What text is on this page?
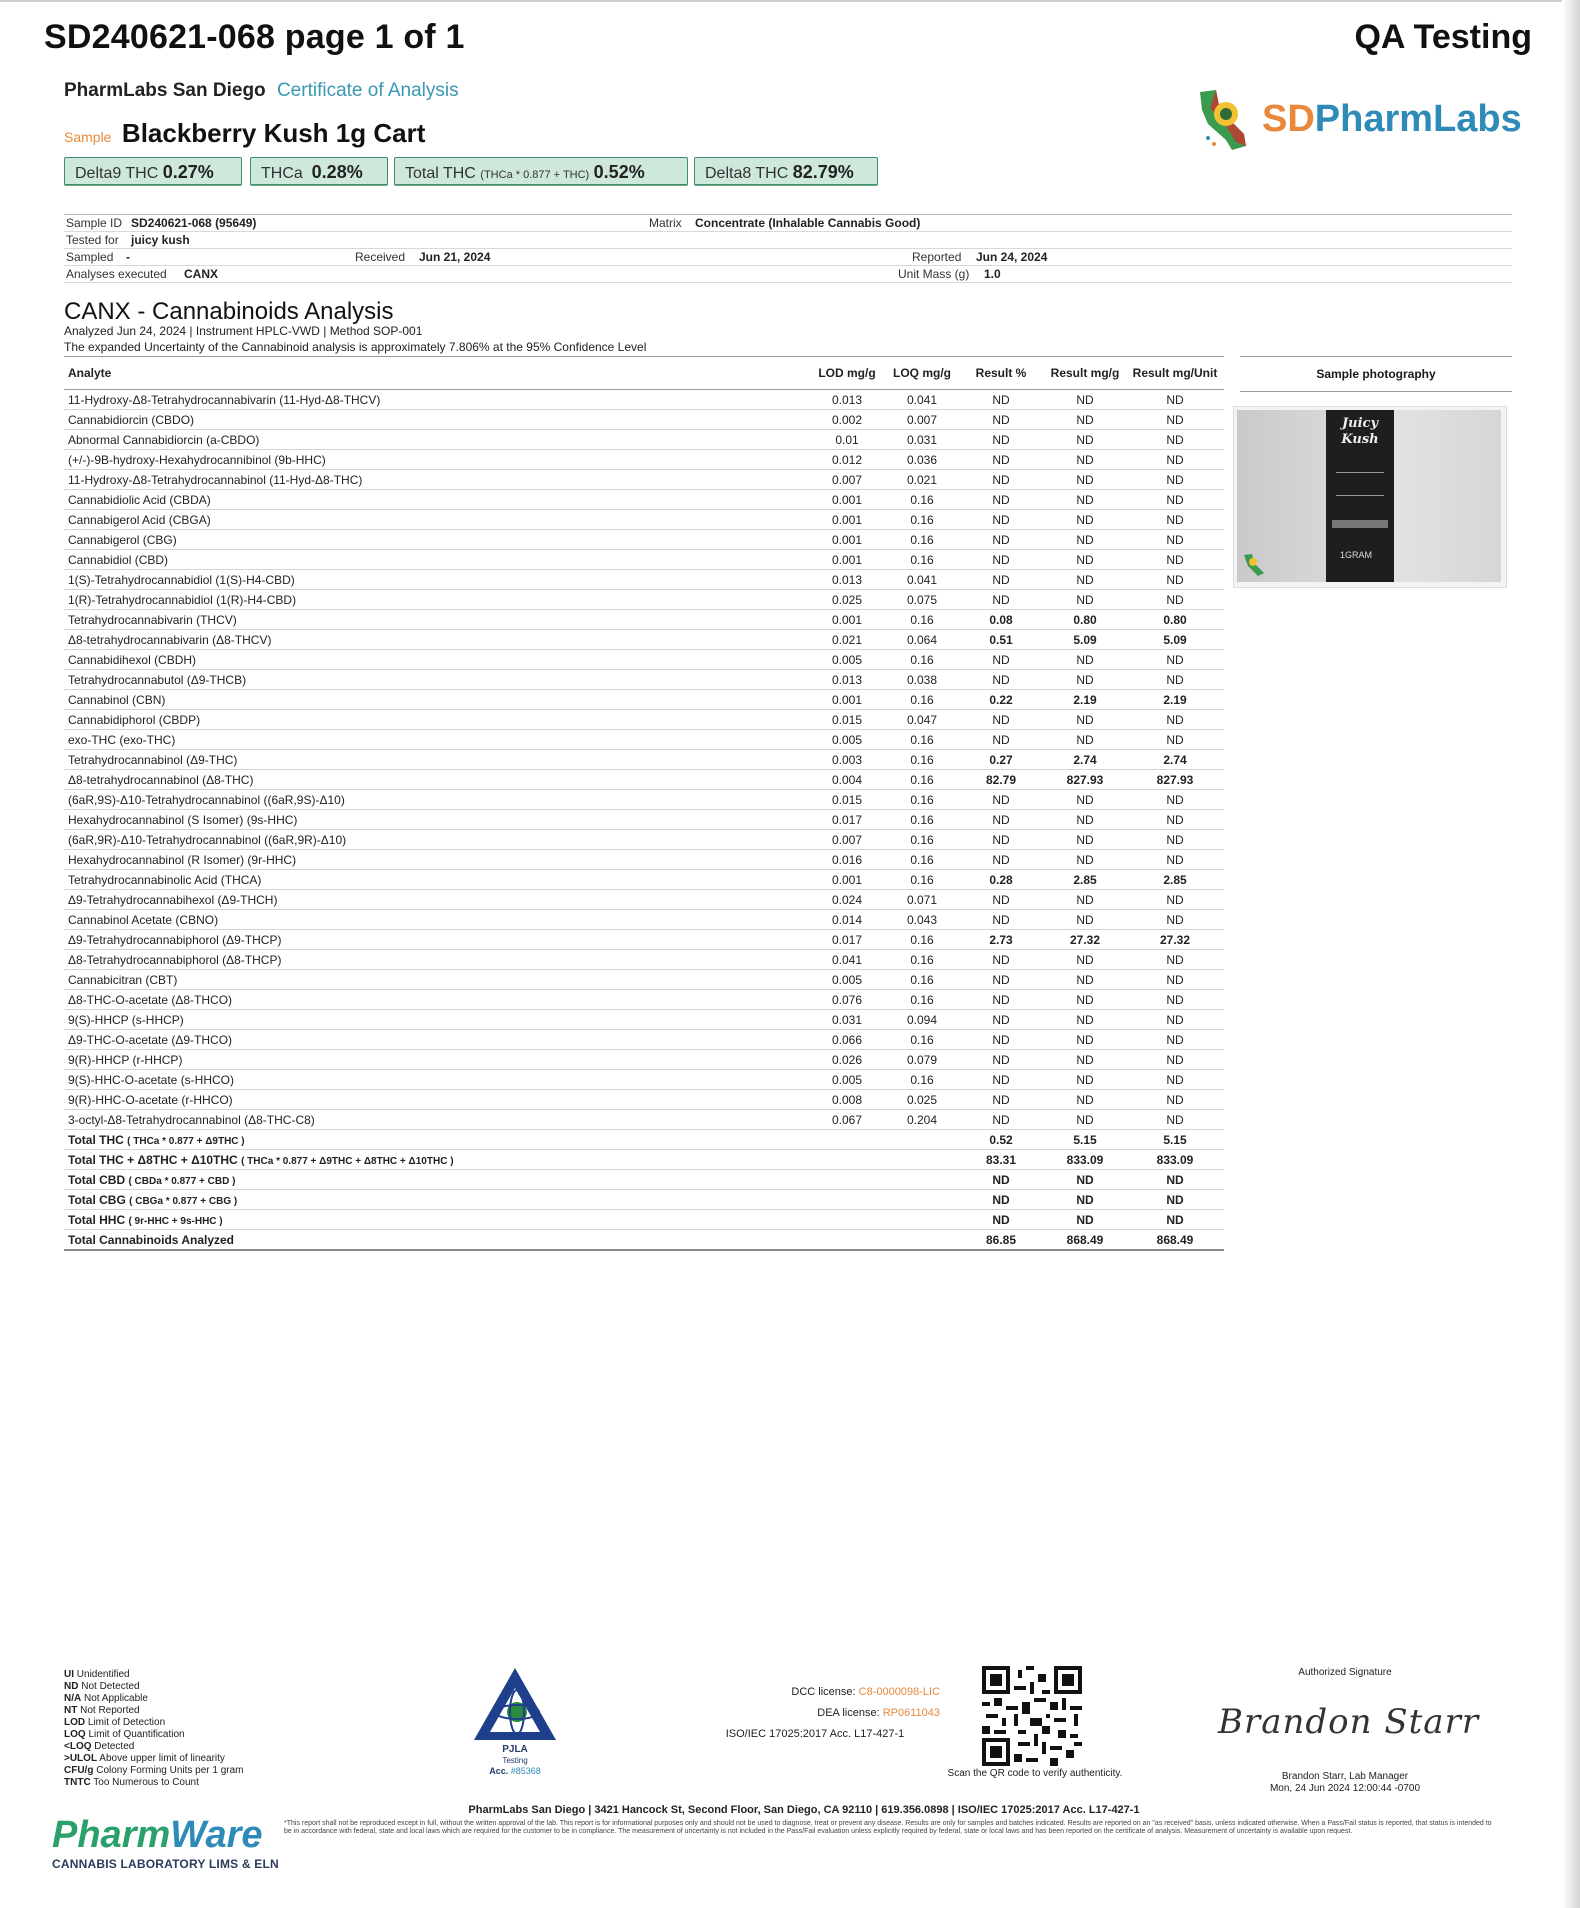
SD240621-068 page 1 of 1	QA Testing
PharmLabs San Diego Certificate of Analysis
Sample Blackberry Kush 1g Cart	SDPharmLabs
Delta9 THC 0.27%	THCa 0.28%	Total THC (THCa * 0.877 + THC) 0.52%	Delta8 THC 82.79%
Sample ID SD240621-068 (95649)	Matrix Concentrate (Inhalable Cannabis Good)
Tested for juicy kush
Sampled -	Received Jun 21, 2024	Reported Jun 24, 2024
Analyses executed CANX	Unit Mass (g) 1.0
CANX - Cannabinoids Analysis
Analyzed Jun 24, 2024 | Instrument HPLC-VWD | Method SOP-001
The expanded Uncertainty of the Cannabinoid analysis is approximately 7.806% at the 95% Confidence Level
Analyte	LOD mg/g	LOQ mg/g	Result %	Result mg/g	Result mg/Unit
11-Hydroxy-Δ8-Tetrahydrocannabivarin (11-Hyd-Δ8-THCV)	0.013	0.041	ND	ND	ND
Cannabidiorcin (CBDO)	0.002	0.007	ND	ND	ND
Abnormal Cannabidiorcin (a-CBDO)	0.01	0.031	ND	ND	ND
(+/-)-9B-hydroxy-Hexahydrocannibinol (9b-HHC)	0.012	0.036	ND	ND	ND
11-Hydroxy-Δ8-Tetrahydrocannabinol (11-Hyd-Δ8-THC)	0.007	0.021	ND	ND	ND
Cannabidiolic Acid (CBDA)	0.001	0.16	ND	ND	ND
Cannabigerol Acid (CBGA)	0.001	0.16	ND	ND	ND
Cannabigerol (CBG)	0.001	0.16	ND	ND	ND
Cannabidiol (CBD)	0.001	0.16	ND	ND	ND
1(S)-Tetrahydrocannabidiol (1(S)-H4-CBD)	0.013	0.041	ND	ND	ND
1(R)-Tetrahydrocannabidiol (1(R)-H4-CBD)	0.025	0.075	ND	ND	ND
Tetrahydrocannabivarin (THCV)	0.001	0.16	0.08	0.80	0.80
Δ8-tetrahydrocannabivarin (Δ8-THCV)	0.021	0.064	0.51	5.09	5.09
Cannabidihexol (CBDH)	0.005	0.16	ND	ND	ND
Tetrahydrocannabutol (Δ9-THCB)	0.013	0.038	ND	ND	ND
Cannabinol (CBN)	0.001	0.16	0.22	2.19	2.19
Cannabidiphorol (CBDP)	0.015	0.047	ND	ND	ND
exo-THC (exo-THC)	0.005	0.16	ND	ND	ND
Tetrahydrocannabinol (Δ9-THC)	0.003	0.16	0.27	2.74	2.74
Δ8-tetrahydrocannabinol (Δ8-THC)	0.004	0.16	82.79	827.93	827.93
(6aR,9S)-Δ10-Tetrahydrocannabinol ((6aR,9S)-Δ10)	0.015	0.16	ND	ND	ND
Hexahydrocannabinol (S Isomer) (9s-HHC)	0.017	0.16	ND	ND	ND
(6aR,9R)-Δ10-Tetrahydrocannabinol ((6aR,9R)-Δ10)	0.007	0.16	ND	ND	ND
Hexahydrocannabinol (R Isomer) (9r-HHC)	0.016	0.16	ND	ND	ND
Tetrahydrocannabinolic Acid (THCA)	0.001	0.16	0.28	2.85	2.85
Δ9-Tetrahydrocannabihexol (Δ9-THCH)	0.024	0.071	ND	ND	ND
Cannabinol Acetate (CBNO)	0.014	0.043	ND	ND	ND
Δ9-Tetrahydrocannabiphorol (Δ9-THCP)	0.017	0.16	2.73	27.32	27.32
Δ8-Tetrahydrocannabiphorol (Δ8-THCP)	0.041	0.16	ND	ND	ND
Cannabicitran (CBT)	0.005	0.16	ND	ND	ND
Δ8-THC-O-acetate (Δ8-THCO)	0.076	0.16	ND	ND	ND
9(S)-HHCP (s-HHCP)	0.031	0.094	ND	ND	ND
Δ9-THC-O-acetate (Δ9-THCO)	0.066	0.16	ND	ND	ND
9(R)-HHCP (r-HHCP)	0.026	0.079	ND	ND	ND
9(S)-HHC-O-acetate (s-HHCO)	0.005	0.16	ND	ND	ND
9(R)-HHC-O-acetate (r-HHCO)	0.008	0.025	ND	ND	ND
3-octyl-Δ8-Tetrahydrocannabinol (Δ8-THC-C8)	0.067	0.204	ND	ND	ND
Total THC ( THCa * 0.877 + Δ9THC )			0.52	5.15	5.15
Total THC + Δ8THC + Δ10THC ( THCa * 0.877 + Δ9THC + Δ8THC + Δ10THC )			83.31	833.09	833.09
Total CBD ( CBDa * 0.877 + CBD )			ND	ND	ND
Total CBG ( CBGa * 0.877 + CBG )			ND	ND	ND
Total HHC ( 9r-HHC + 9s-HHC )			ND	ND	ND
Total Cannabinoids Analyzed			86.85	868.49	868.49
Sample photography
Juicy Kush
1GRAM
UI Unidentified
ND Not Detected
N/A Not Applicable
NT Not Reported
LOD Limit of Detection
LOQ Limit of Quantification
<LOQ Detected
>ULOL Above upper limit of linearity
CFU/g Colony Forming Units per 1 gram
TNTC Too Numerous to Count
PJLA
Testing
Acc. #85368
DCC license: C8-0000098-LIC
DEA license: RP0611043
ISO/IEC 17025:2017 Acc. L17-427-1
Scan the QR code to verify authenticity.
Authorized Signature
Brandon Starr
Brandon Starr, Lab Manager
Mon, 24 Jun 2024 12:00:44 -0700
PharmLabs San Diego | 3421 Hancock St, Second Floor, San Diego, CA 92110 | 619.356.0898 | ISO/IEC 17025:2017 Acc. L17-427-1
*This report shall not be reproduced except in full, without the written approval of the lab. This report is for informational purposes only and should not be used to diagnose, treat or prevent any disease. Results are only for samples and batches indicated. Results are reported on an "as received" basis, unless indicated otherwise. When a Pass/Fail status is reported, that status is intended to be in accordance with federal, state and local laws which are required for the customer to be in compliance. The measurement of uncertainty is not included in the Pass/Fail evaluation unless explicitly required by federal, state or local laws and has been reported on the certificate of analysis. Measurement of uncertainty is available upon request.
PharmWare
CANNABIS LABORATORY LIMS & ELN
